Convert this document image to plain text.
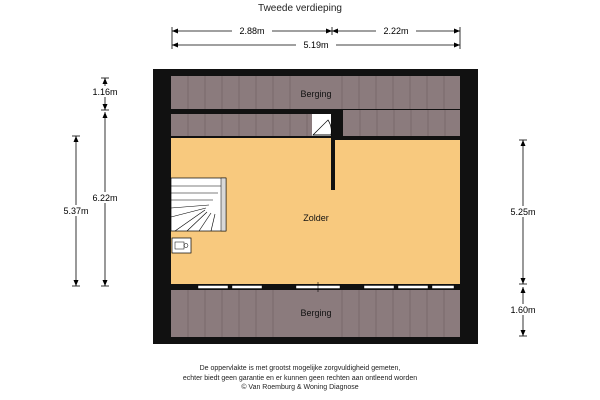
Tweede verdieping
2.88m	2.22m
5.19m
1.16m
6.22m
5.37m	5.25m
1.60m
Berging
Zolder
Berging
De oppervlakte is met grootst mogelijke zorgvuldigheid gemeten,
echter biedt geen garantie en er kunnen geen rechten aan ontleend worden
© Van Roemburg & Woning Diagnose
